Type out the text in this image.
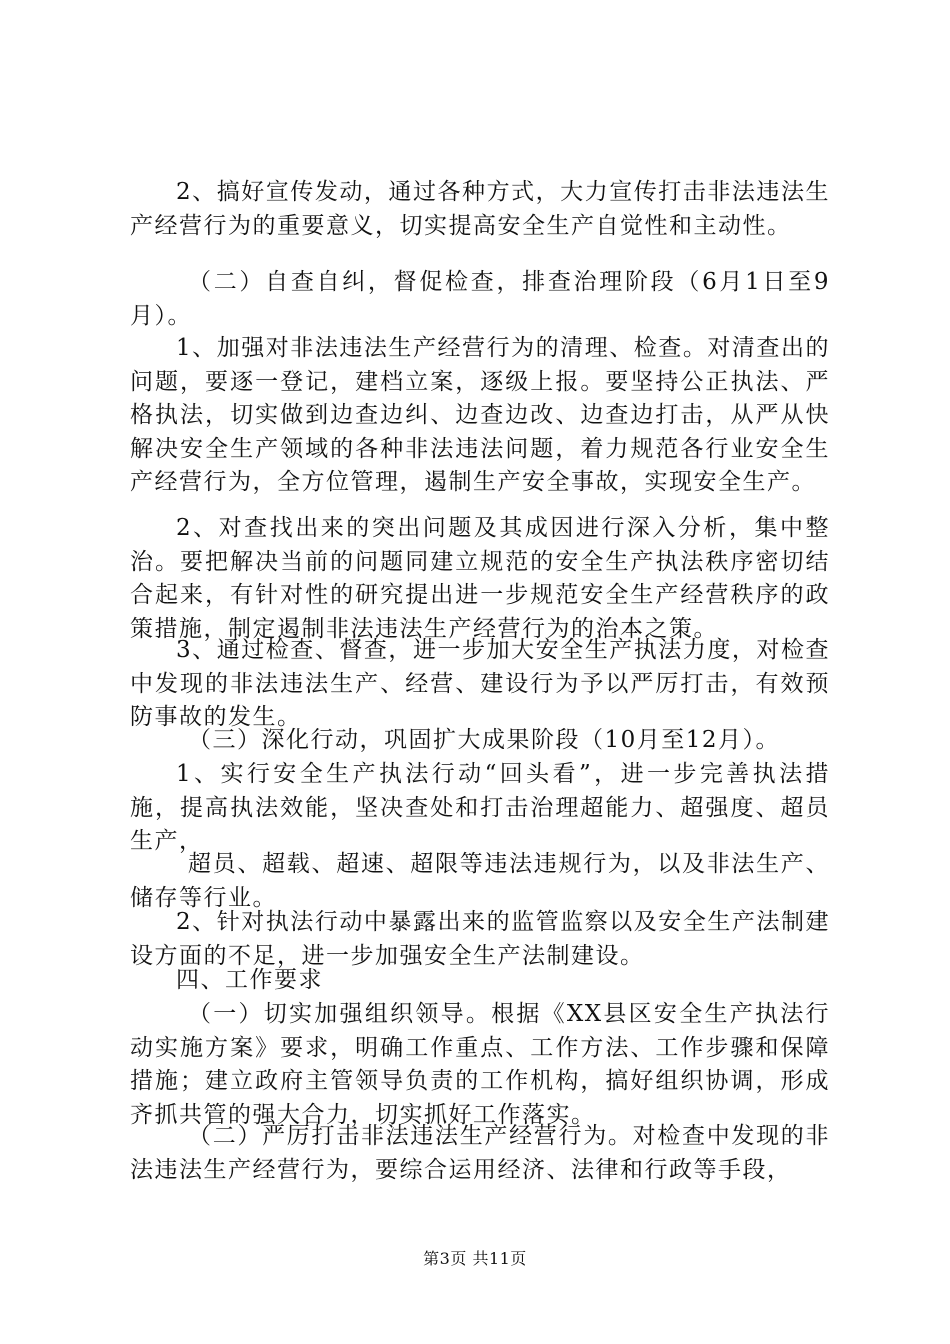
2、搞好宣传发动，通过各种方式，大力宣传打击非法违法生产经营行为的重要意义，切实提高安全生产自觉性和主动性。

（二）自查自纠，督促检查，排查治理阶段（6月1日至9月）。

1、加强对非法违法生产经营行为的清理、检查。对清查出的问题，要逐一登记，建档立案，逐级上报。要坚持公正执法、严格执法，切实做到边查边纠、边查边改、边查边打击，从严从快解决安全生产领域的各种非法违法问题，着力规范各行业安全生产经营行为，全方位管理，遏制生产安全事故，实现安全生产。

2、对查找出来的突出问题及其成因进行深入分析，集中整治。要把解决当前的问题同建立规范的安全生产执法秩序密切结合起来，有针对性的研究提出进一步规范安全生产经营秩序的政策措施，制定遏制非法违法生产经营行为的治本之策。

3、通过检查、督查，进一步加大安全生产执法力度，对检查中发现的非法违法生产、经营、建设行为予以严厉打击，有效预防事故的发生。

（三）深化行动，巩固扩大成果阶段（10月至12月）。

1、实行安全生产执法行动“回头看”，进一步完善执法措施，提高执法效能，坚决查处和打击治理超能力、超强度、超员生产，

超员、超载、超速、超限等违法违规行为，以及非法生产、储存等行业。

2、针对执法行动中暴露出来的监管监察以及安全生产法制建设方面的不足，进一步加强安全生产法制建设。

四、工作要求

（一）切实加强组织领导。根据《XX县区安全生产执法行动实施方案》要求，明确工作重点、工作方法、工作步骤和保障措施；建立政府主管领导负责的工作机构，搞好组织协调，形成齐抓共管的强大合力，切实抓好工作落实。

（二）严厉打击非法违法生产经营行为。对检查中发现的非法违法生产经营行为，要综合运用经济、法律和行政等手段，

第3页 共11页
